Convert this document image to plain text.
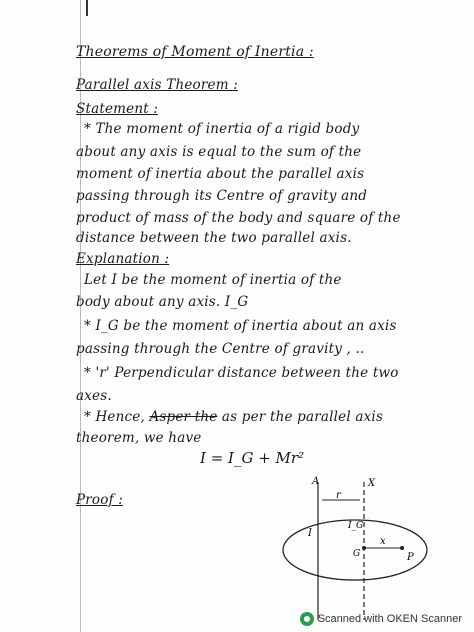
Theorems of Moment of Inertia :
Parallel axis Theorem :
Statement :
* The moment of inertia of a rigid body
about any axis is equal to the sum of the
moment of inertia about the parallel axis
passing through its Centre of gravity and
product of mass of the body and square of the
distance between the two parallel axis.
Explanation :
Let I be the moment of inertia of the
body about any axis. I_G
* I_G be the moment of inertia about an axis
passing through the Centre of gravity , ..
* 'r' Perpendicular distance between the two
axes.
* Hence, Asper the as per the parallel axis
theorem, we have
I = I_G + Mr²
Proof :
A	X
r
I
I_G
G
x
P
Scanned with OKEN Scanner
